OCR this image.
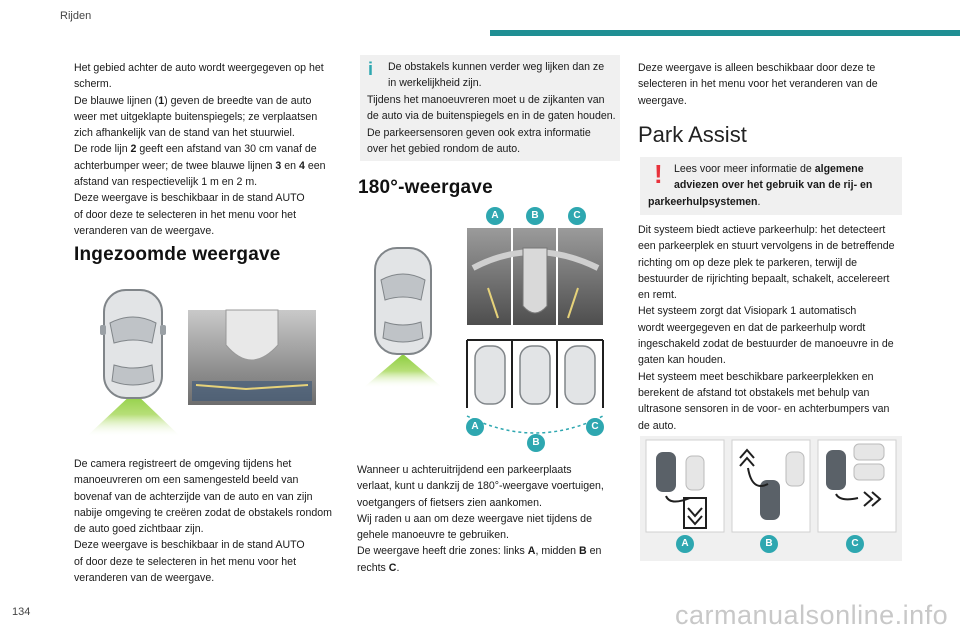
Rijden

Het gebied achter de auto wordt weergegeven op het
scherm.
De blauwe lijnen (1) geven de breedte van de auto
weer met uitgeklapte buitenspiegels; ze verplaatsen
zich afhankelijk van de stand van het stuurwiel.
De rode lijn 2 geeft een afstand van 30 cm vanaf de
achterbumper weer; de twee blauwe lijnen 3 en 4 een
afstand van respectievelijk 1 m en 2 m.
Deze weergave is beschikbaar in de stand AUTO
of door deze te selecteren in het menu voor het
veranderen van de weergave.

Ingezoomde weergave

De camera registreert de omgeving tijdens het
manoeuvreren om een samengesteld beeld van
bovenaf van de achterzijde van de auto en van zijn
nabije omgeving te creëren zodat de obstakels rondom
de auto goed zichtbaar zijn.
Deze weergave is beschikbaar in de stand AUTO
of door deze te selecteren in het menu voor het
veranderen van de weergave.

i De obstakels kunnen verder weg lijken dan ze
in werkelijkheid zijn.

Tijdens het manoeuvreren moet u de zijkanten van
de auto via de buitenspiegels en in de gaten houden.
De parkeersensoren geven ook extra informatie
over het gebied rondom de auto.

180°-weergave
A	B	C
A
B
C

Wanneer u achteruitrijdend een parkeerplaats
verlaat, kunt u dankzij de 180°-weergave voertuigen,
voetgangers of fietsers zien aankomen.
Wij raden u aan om deze weergave niet tijdens de
gehele manoeuvre te gebruiken.
De weergave heeft drie zones: links A, midden B en
rechts C.

Deze weergave is alleen beschikbaar door deze te
selecteren in het menu voor het veranderen van de
weergave.

Park Assist
!	Lees voor meer informatie de algemene
adviezen over het gebruik van de rij- en
parkeerhulpsystemen.

Dit systeem biedt actieve parkeerhulp: het detecteert
een parkeerplek en stuurt vervolgens in de betreffende
richting om op deze plek te parkeren, terwijl de
bestuurder de rijrichting bepaalt, schakelt, accelereert
en remt.
Het systeem zorgt dat Visiopark 1 automatisch
wordt weergegeven en dat de parkeerhulp wordt
ingeschakeld zodat de bestuurder de manoeuvre in de
gaten kan houden.
Het systeem meet beschikbare parkeerplekken en
berekent de afstand tot obstakels met behulp van
ultrasone sensoren in de voor- en achterbumpers van
de auto.

A	B	C
134	carmanualsonline.info
